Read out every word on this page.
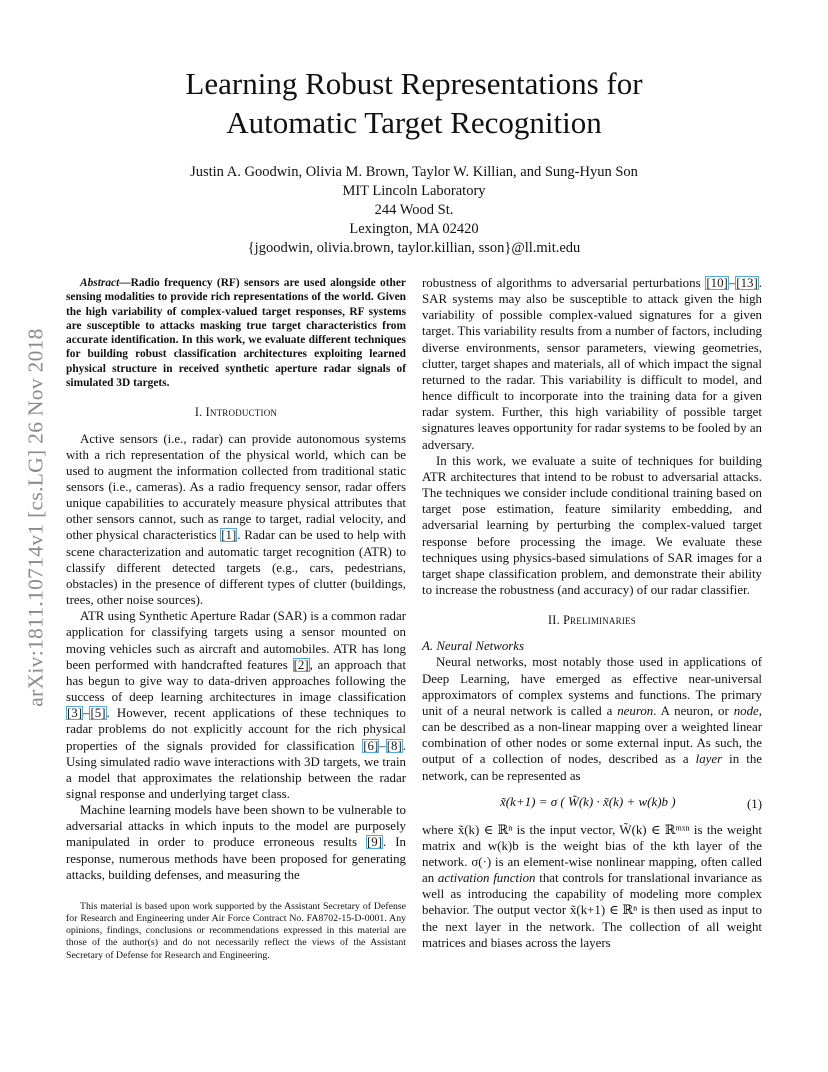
arXiv:1811.10714v1 [cs.LG] 26 Nov 2018
Learning Robust Representations for
Automatic Target Recognition
Justin A. Goodwin, Olivia M. Brown, Taylor W. Killian, and Sung-Hyun Son
MIT Lincoln Laboratory
244 Wood St.
Lexington, MA 02420
{jgoodwin, olivia.brown, taylor.killian, sson}@ll.mit.edu

Abstract—Radio frequency (RF) sensors are used alongside other sensing modalities to provide rich representations of the world. Given the high variability of complex-valued target responses, RF systems are susceptible to attacks masking true target characteristics from accurate identification. In this work, we evaluate different techniques for building robust classification architectures exploiting learned physical structure in received synthetic aperture radar signals of simulated 3D targets.

I. Introduction

Active sensors (i.e., radar) can provide autonomous systems with a rich representation of the physical world, which can be used to augment the information collected from traditional static sensors (i.e., cameras). As a radio frequency sensor, radar offers unique capabilities to accurately measure physical attributes that other sensors cannot, such as range to target, radial velocity, and other physical characteristics [1]. Radar can be used to help with scene characterization and automatic target recognition (ATR) to classify different detected targets (e.g., cars, pedestrians, obstacles) in the presence of different types of clutter (buildings, trees, other noise sources).

ATR using Synthetic Aperture Radar (SAR) is a common radar application for classifying targets using a sensor mounted on moving vehicles such as aircraft and automobiles. ATR has long been performed with handcrafted features [2], an approach that has begun to give way to data-driven approaches following the success of deep learning architectures in image classification [3]–[5]. However, recent applications of these techniques to radar problems do not explicitly account for the rich physical properties of the signals provided for classification [6]–[8]. Using simulated radio wave interactions with 3D targets, we train a model that approximates the relationship between the radar signal response and underlying target class.

Machine learning models have been shown to be vulnerable to adversarial attacks in which inputs to the model are purposely manipulated in order to produce erroneous results [9]. In response, numerous methods have been proposed for generating attacks, building defenses, and measuring the

This material is based upon work supported by the Assistant Secretary of Defense for Research and Engineering under Air Force Contract No. FA8702-15-D-0001. Any opinions, findings, conclusions or recommendations expressed in this material are those of the author(s) and do not necessarily reflect the views of the Assistant Secretary of Defense for Research and Engineering.

robustness of algorithms to adversarial perturbations [10]–[13]. SAR systems may also be susceptible to attack given the high variability of possible complex-valued signatures for a given target. This variability results from a number of factors, including diverse environments, sensor parameters, viewing geometries, clutter, target shapes and materials, all of which impact the signal returned to the radar. This variability is difficult to model, and hence difficult to incorporate into the training data for a given radar system. Further, this high variability of possible target signatures leaves opportunity for radar systems to be fooled by an adversary.

In this work, we evaluate a suite of techniques for building ATR architectures that intend to be robust to adversarial attacks. The techniques we consider include conditional training based on target pose estimation, feature similarity embedding, and adversarial learning by perturbing the complex-valued target response before processing the image. We evaluate these techniques using physics-based simulations of SAR images for a target shape classification problem, and demonstrate their ability to increase the robustness (and accuracy) of our radar classifier.

II. Preliminaries

A. Neural Networks

Neural networks, most notably those used in applications of Deep Learning, have emerged as effective near-universal approximators of complex systems and functions. The primary unit of a neural network is called a neuron. A neuron, or node, can be described as a non-linear mapping over a weighted linear combination of other nodes or some external input. As such, the output of a collection of nodes, described as a layer in the network, can be represented as

x̃(k+1) = σ ( W̃(k) · x̃(k) + w(k)b )	(1)

where x̃(k) ∈ ℝⁿ is the input vector, W̃(k) ∈ ℝᵐˣⁿ is the weight matrix and w(k)b is the weight bias of the kth layer of the network. σ(·) is an element-wise nonlinear mapping, often called an activation function that controls for translational invariance as well as introducing the capability of modeling more complex behavior. The output vector x̃(k+1) ∈ ℝⁿ is then used as input to the next layer in the network. The collection of all weight matrices and biases across the layers
